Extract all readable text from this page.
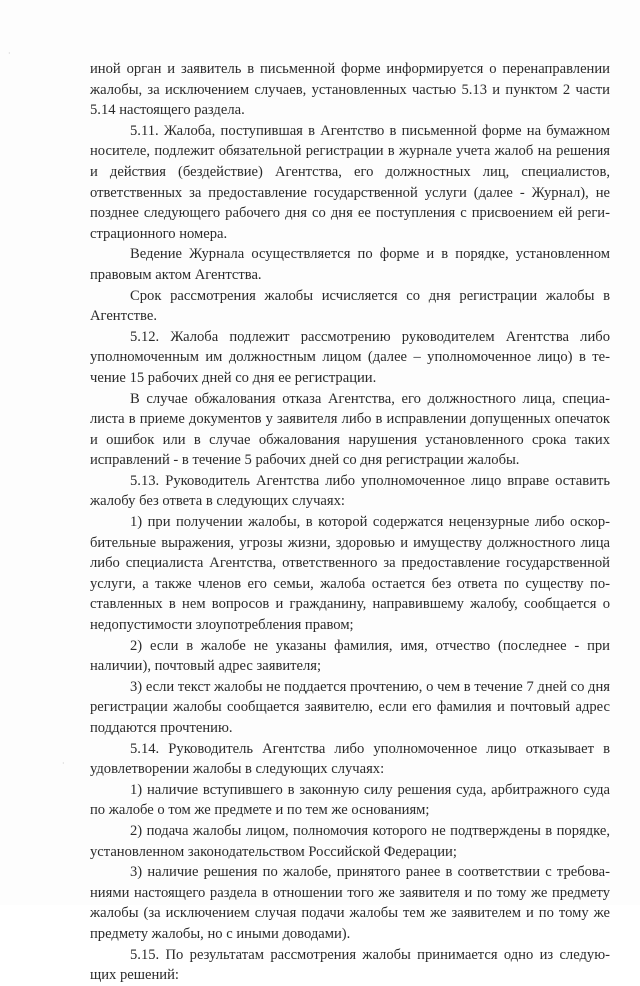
·
·

иной орган и заявитель в письменной форме информируется о перенаправлении жалобы, за исключением случаев, установленных частью 5.13 и пунктом 2 части 5.14 настоящего раздела.

5.11. Жалоба, поступившая в Агентство в письменной форме на бумажном носителе, подлежит обязательной регистрации в журнале учета жалоб на решения и действия (бездействие) Агентства, его должностных лиц, специалистов, ответственных за предоставление государственной услуги (далее - Журнал), не позднее следующего рабочего дня со дня ее поступления с присвоением ей регистрационного номера.

Ведение Журнала осуществляется по форме и в порядке, установленном правовым актом Агентства.

Срок рассмотрения жалобы исчисляется со дня регистрации жалобы в Агентстве.

5.12. Жалоба подлежит рассмотрению руководителем Агентства либо уполномоченным им должностным лицом (далее – уполномоченное лицо) в течение 15 рабочих дней со дня ее регистрации.

В случае обжалования отказа Агентства, его должностного лица, специалиста в приеме документов у заявителя либо в исправлении допущенных опечаток и ошибок или в случае обжалования нарушения установленного срока таких исправлений - в течение 5 рабочих дней со дня регистрации жалобы.

5.13. Руководитель Агентства либо уполномоченное лицо вправе оставить жалобу без ответа в следующих случаях:

1) при получении жалобы, в которой содержатся нецензурные либо оскорбительные выражения, угрозы жизни, здоровью и имуществу должностного лица либо специалиста Агентства, ответственного за предоставление государственной услуги, а также членов его семьи, жалоба остается без ответа по существу поставленных в нем вопросов и гражданину, направившему жалобу, сообщается о недопустимости злоупотребления правом;

2) если в жалобе не указаны фамилия, имя, отчество (последнее - при наличии), почтовый адрес заявителя;

3) если текст жалобы не поддается прочтению, о чем в течение 7 дней со дня регистрации жалобы сообщается заявителю, если его фамилия и почтовый адрес поддаются прочтению.

5.14. Руководитель Агентства либо уполномоченное лицо отказывает в удовлетворении жалобы в следующих случаях:

1) наличие вступившего в законную силу решения суда, арбитражного суда по жалобе о том же предмете и по тем же основаниям;

2) подача жалобы лицом, полномочия которого не подтверждены в порядке, установленном законодательством Российской Федерации;

3) наличие решения по жалобе, принятого ранее в соответствии с требованиями настоящего раздела в отношении того же заявителя и по тому же предмету жалобы (за исключением случая подачи жалобы тем же заявителем и по тому же предмету жалобы, но с иными доводами).

5.15. По результатам рассмотрения жалобы принимается одно из следующих решений:
